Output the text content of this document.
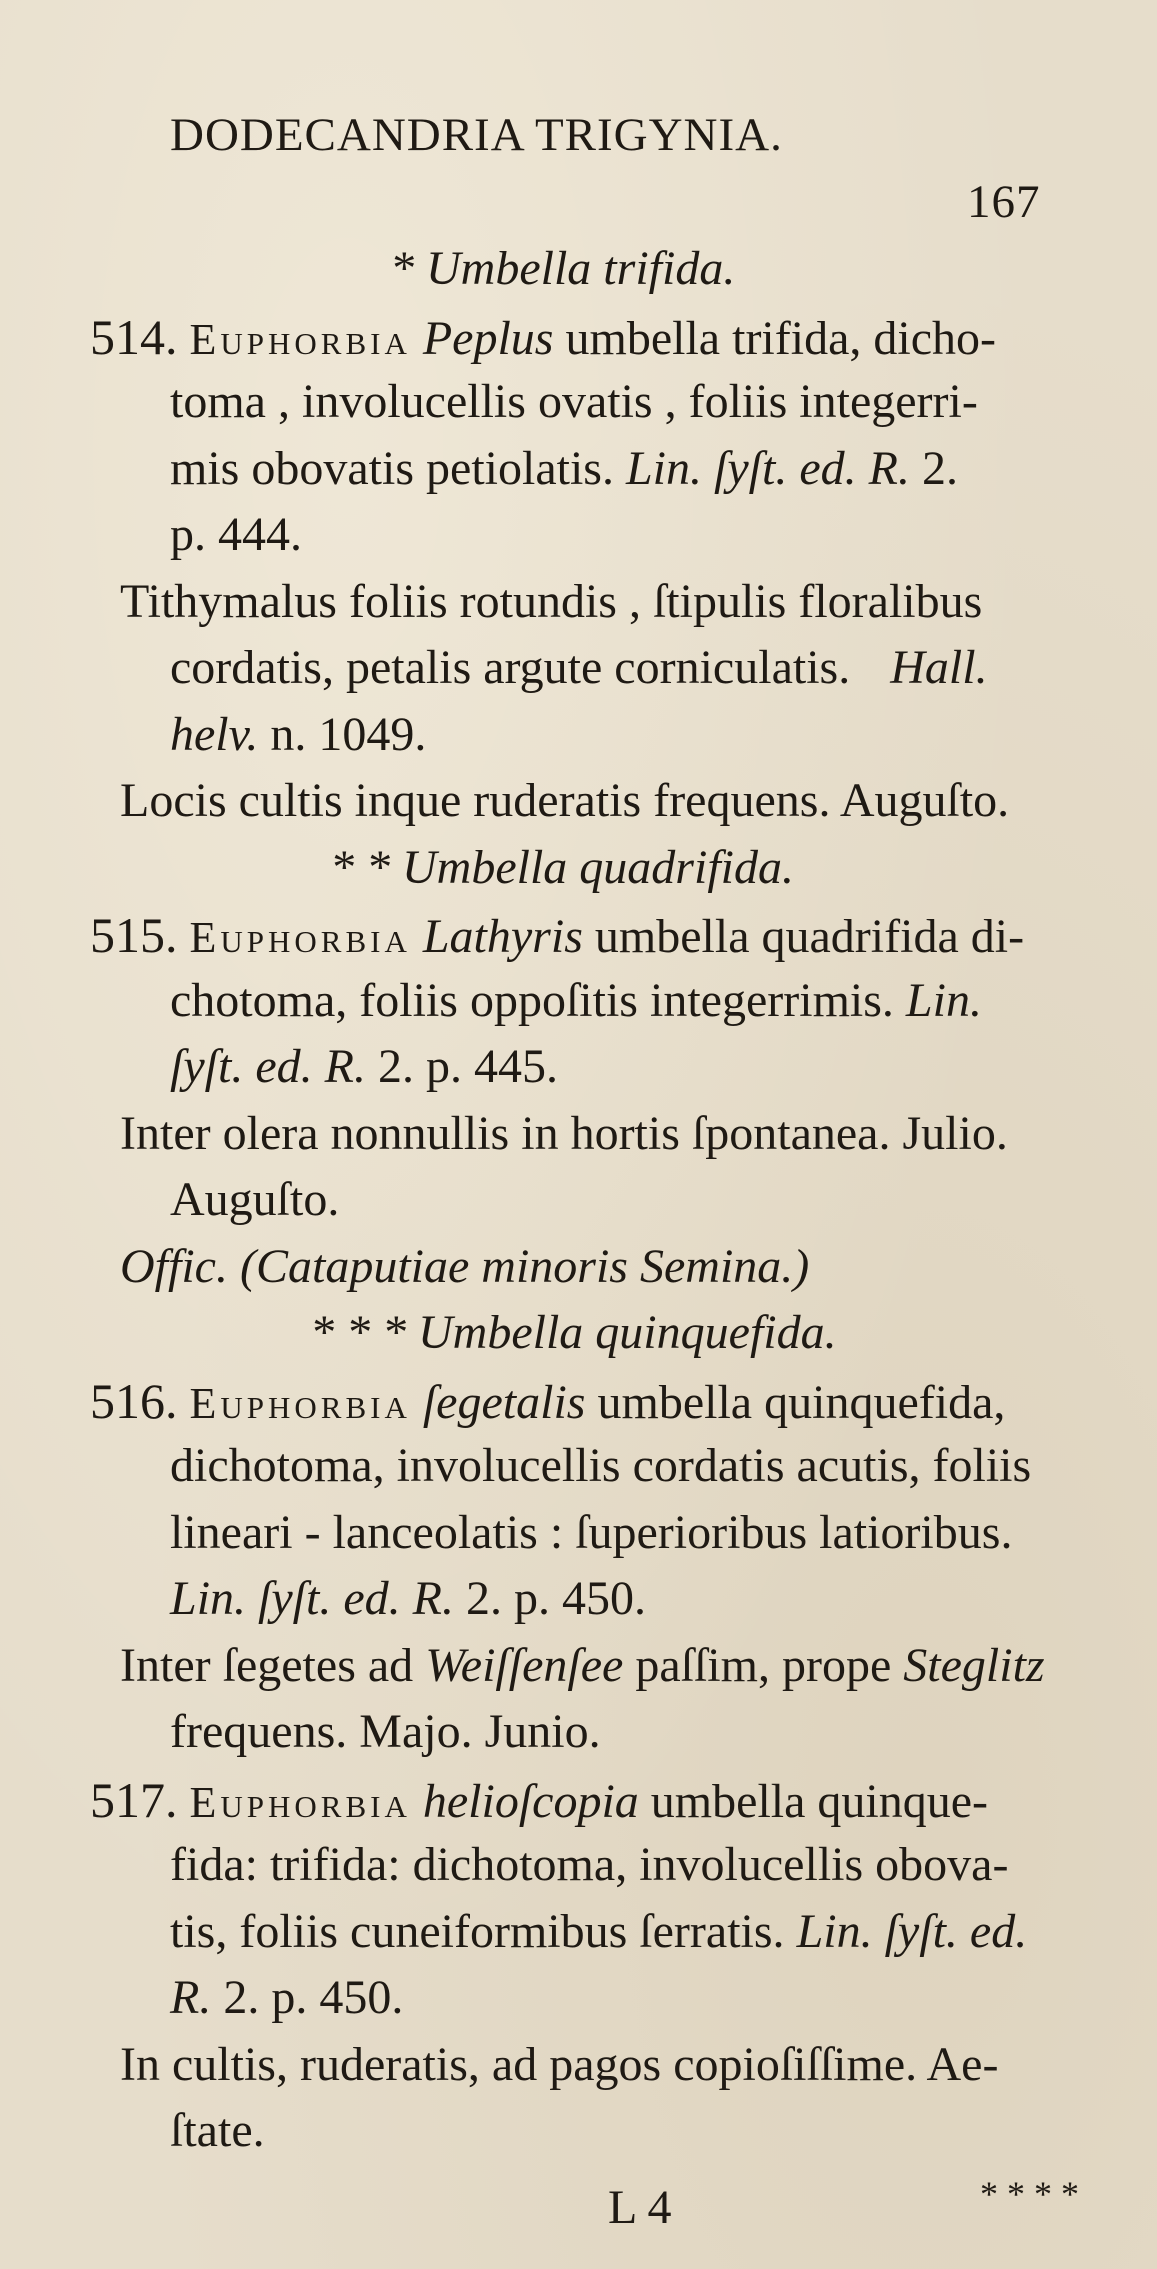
DODECANDRIA TRIGYNIA.
167
* Umbella trifida.
514. Euphorbia Peplus umbella trifida, dicho-
toma , involucellis ovatis , foliis integerri-
mis obovatis petiolatis. Lin. ſyſt. ed. R. 2.
p. 444.
Tithymalus foliis rotundis , ſtipulis floralibus
cordatis, petalis argute corniculatis. Hall.
helv. n. 1049.
Locis cultis inque ruderatis frequens. Auguſto.
* * Umbella quadrifida.
515. Euphorbia Lathyris umbella quadrifida di-
chotoma, foliis oppoſitis integerrimis. Lin.
ſyſt. ed. R. 2. p. 445.
Inter olera nonnullis in hortis ſpontanea. Julio.
Auguſto.
Offic. (Cataputiae minoris Semina.)
* * * Umbella quinquefida.
516. Euphorbia ſegetalis umbella quinquefida,
dichotoma, involucellis cordatis acutis, foliis
lineari - lanceolatis : ſuperioribus latioribus.
Lin. ſyſt. ed. R. 2. p. 450.
Inter ſegetes ad Weiſſenſee paſſim, prope Steglitz
frequens. Majo. Junio.
517. Euphorbia helioſcopia umbella quinque-
fida: trifida: dichotoma, involucellis obova-
tis, foliis cuneiformibus ſerratis. Lin. ſyſt. ed.
R. 2. p. 450.
In cultis, ruderatis, ad pagos copioſiſſime. Ae-
ſtate.
L 4	* * * *
